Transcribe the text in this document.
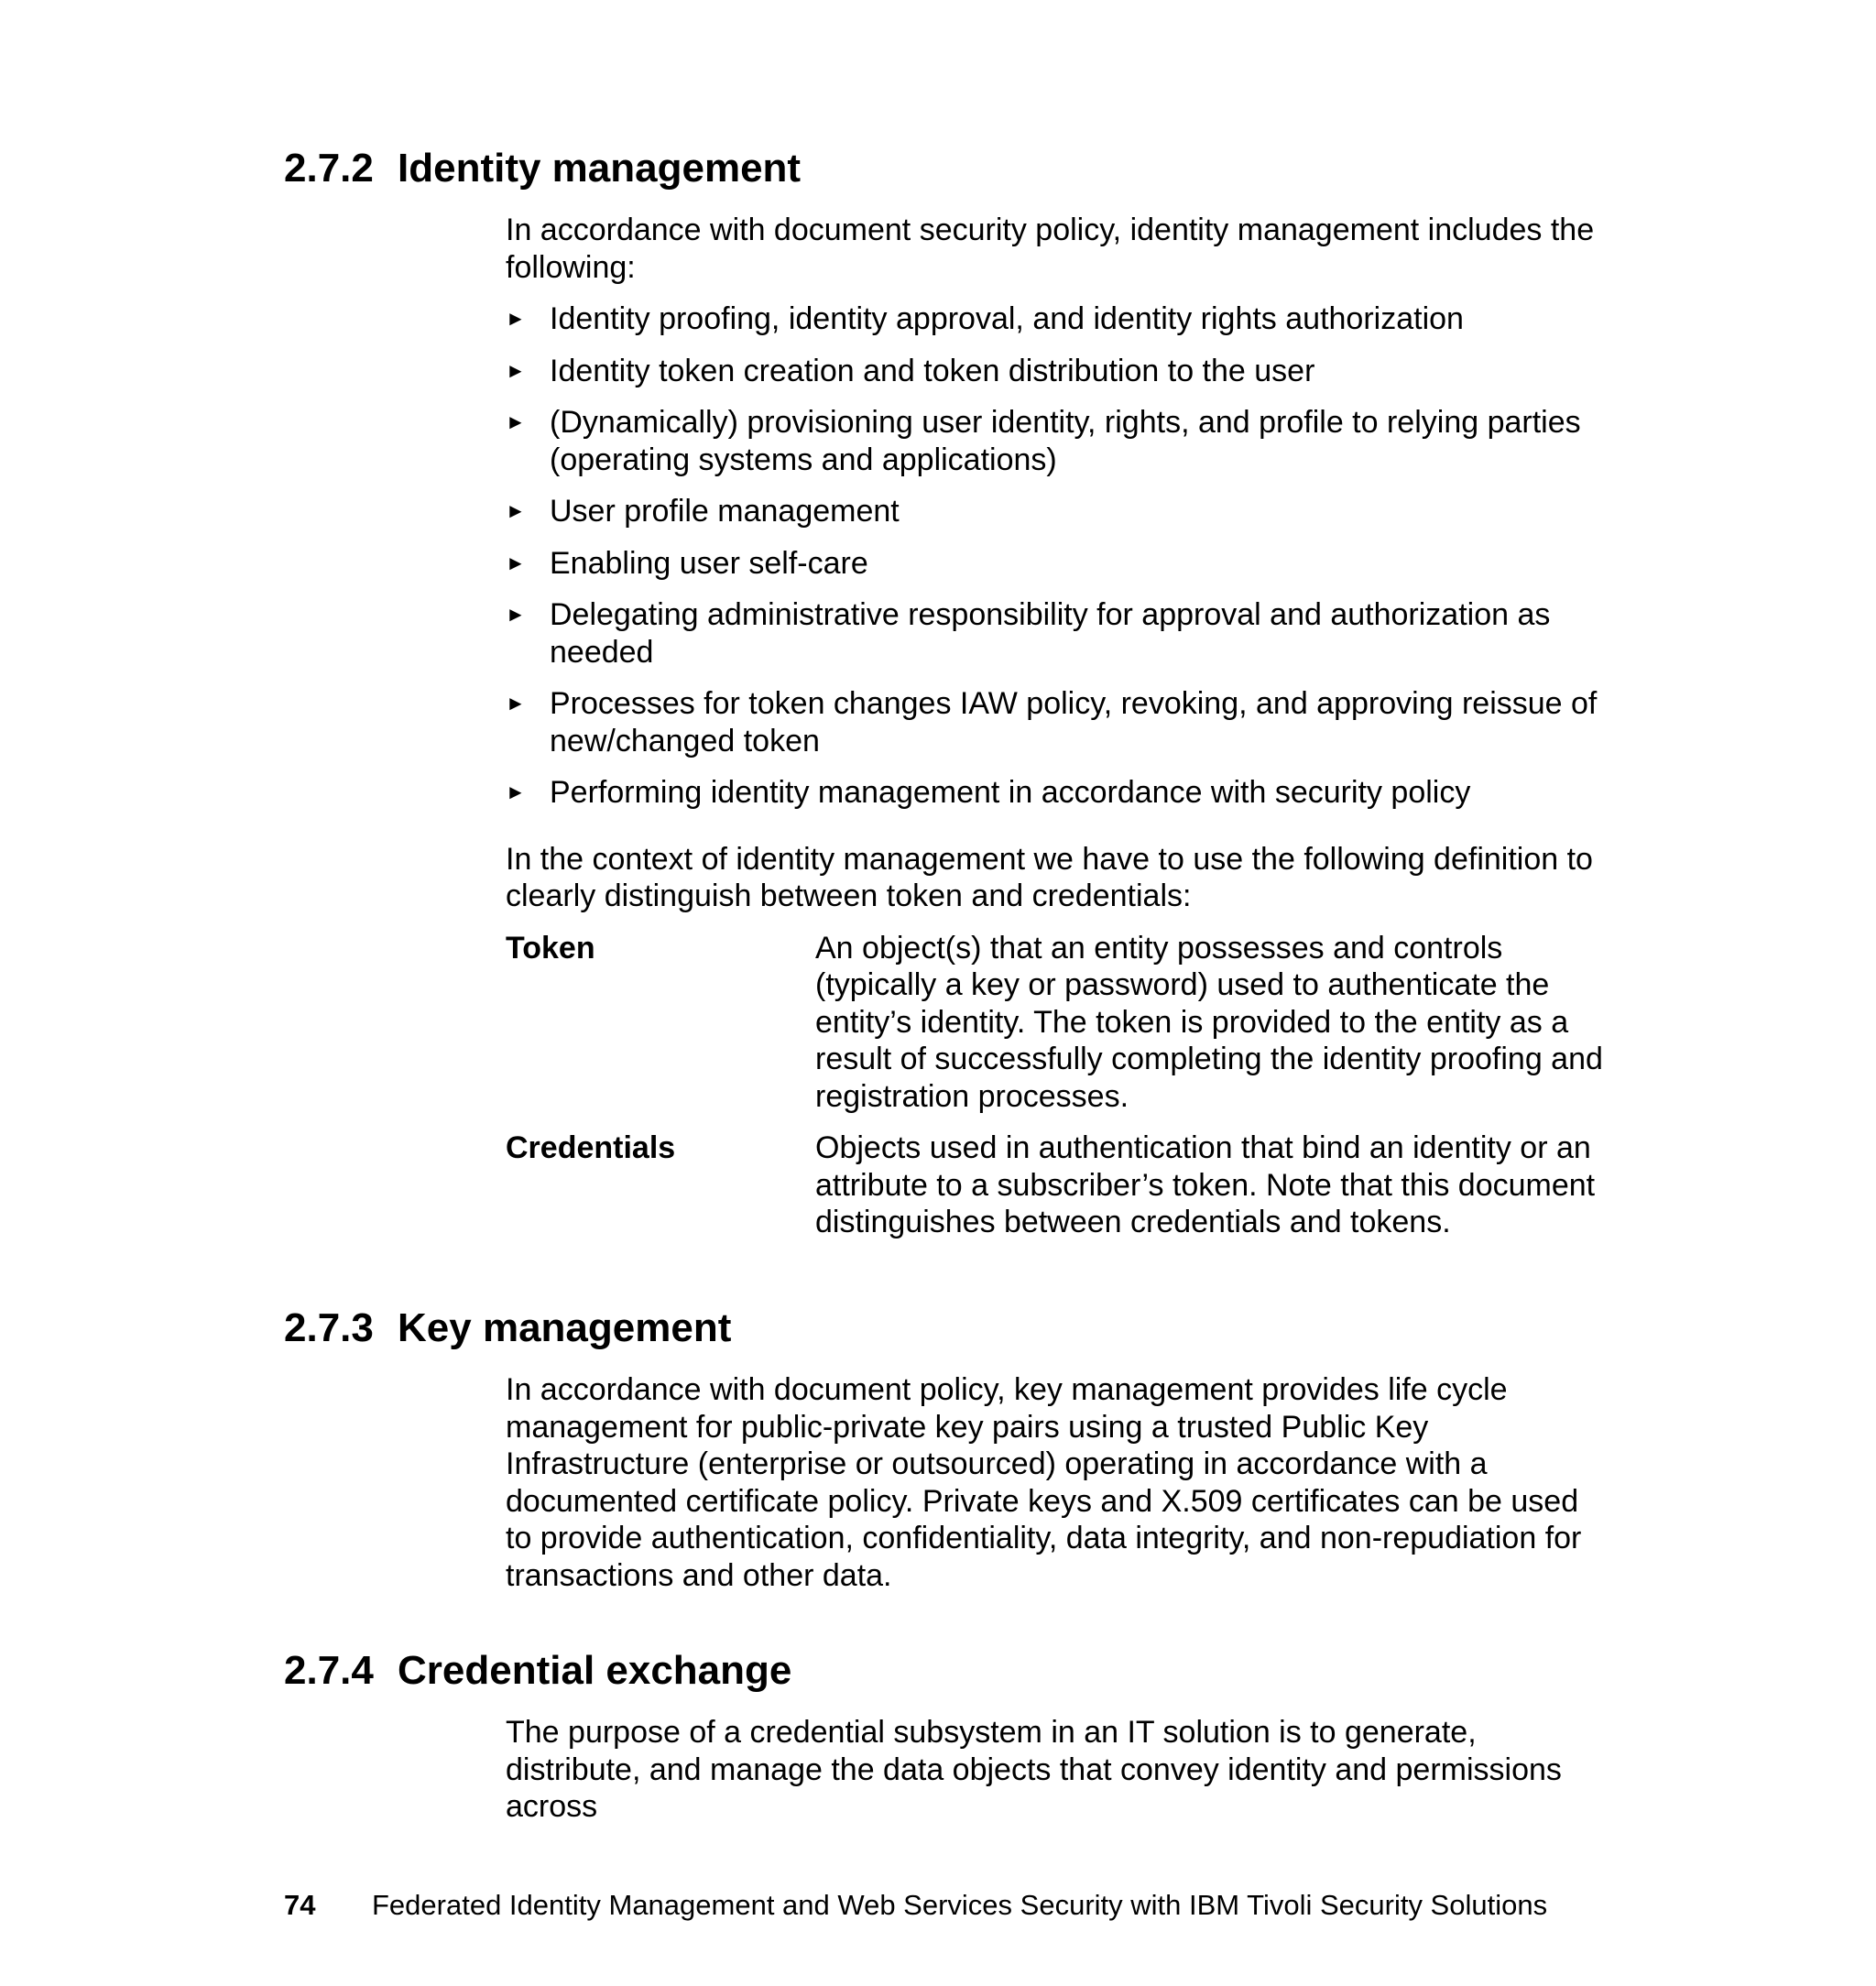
2.7.2 Identity management

In accordance with document security policy, identity management includes the following:

► Identity proofing, identity approval, and identity rights authorization
► Identity token creation and token distribution to the user
► (Dynamically) provisioning user identity, rights, and profile to relying parties (operating systems and applications)
► User profile management
► Enabling user self-care
► Delegating administrative responsibility for approval and authorization as needed
► Processes for token changes IAW policy, revoking, and approving reissue of new/changed token
► Performing identity management in accordance with security policy

In the context of identity management we have to use the following definition to clearly distinguish between token and credentials:

Token	An object(s) that an entity possesses and controls (typically a key or password) used to authenticate the entity’s identity. The token is provided to the entity as a result of successfully completing the identity proofing and registration processes.
Credentials	Objects used in authentication that bind an identity or an attribute to a subscriber’s token. Note that this document distinguishes between credentials and tokens.
2.7.3 Key management

In accordance with document policy, key management provides life cycle management for public-private key pairs using a trusted Public Key Infrastructure (enterprise or outsourced) operating in accordance with a documented certificate policy. Private keys and X.509 certificates can be used to provide authentication, confidentiality, data integrity, and non-repudiation for transactions and other data.

2.7.4 Credential exchange

The purpose of a credential subsystem in an IT solution is to generate, distribute, and manage the data objects that convey identity and permissions across

74 Federated Identity Management and Web Services Security with IBM Tivoli Security Solutions
